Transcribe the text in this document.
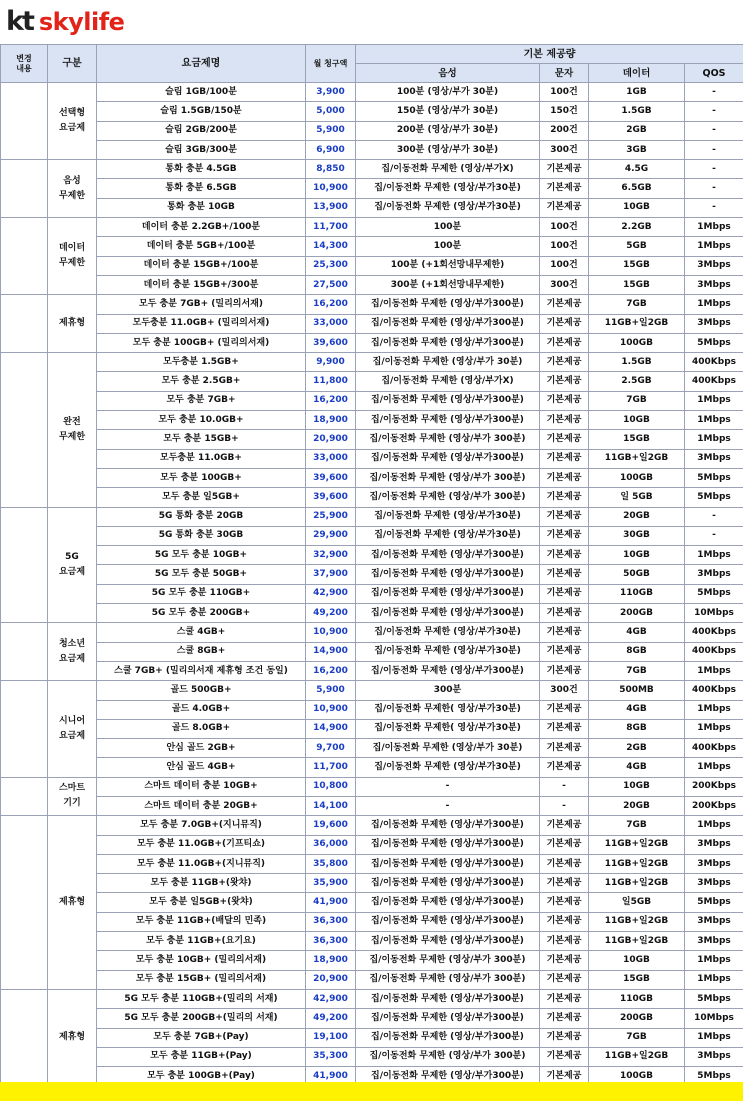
kt skylife
변경
내용	구분	요금제명	월 청구액	기본 제공량			
				음성	문자	데이터	QOS
	선택형
요금제	슬림 1GB/100분	3,900	100분 (영상/부가 30분)	100건	1GB	-
		슬림 1.5GB/150분	5,000	150분 (영상/부가 30분)	150건	1.5GB	-
		슬림 2GB/200분	5,900	200분 (영상/부가 30분)	200건	2GB	-
		슬림 3GB/300분	6,900	300분 (영상/부가 30분)	300건	3GB	-
	음성
무제한	통화 충분 4.5GB	8,850	집/이동전화 무제한 (영상/부가X)	기본제공	4.5G	-
		통화 충분 6.5GB	10,900	집/이동전화 무제한 (영상/부가30분)	기본제공	6.5GB	-
		통화 충분 10GB	13,900	집/이동전화 무제한 (영상/부가30분)	기본제공	10GB	-
	데이터
무제한	데이터 충분 2.2GB+/100분	11,700	100분	100건	2.2GB	1Mbps
		데이터 충분 5GB+/100분	14,300	100분	100건	5GB	1Mbps
		데이터 충분 15GB+/100분	25,300	100분 (+1회선망내무제한)	100건	15GB	3Mbps
		데이터 충분 15GB+/300분	27,500	300분 (+1회선망내무제한)	300건	15GB	3Mbps
	제휴형	모두 충분 7GB+ (밀리의서재)	16,200	집/이동전화 무제한 (영상/부가300분)	기본제공	7GB	1Mbps
		모두충분 11.0GB+ (밀리의서재)	33,000	집/이동전화 무제한 (영상/부가300분)	기본제공	11GB+일2GB	3Mbps
		모두 충분 100GB+ (밀리의서재)	39,600	집/이동전화 무제한 (영상/부가300분)	기본제공	100GB	5Mbps
	완전
무제한	모두충분 1.5GB+	9,900	집/이동전화 무제한 (영상/부가 30분)	기본제공	1.5GB	400Kbps
		모두 충분 2.5GB+	11,800	집/이동전화 무제한 (영상/부가X)	기본제공	2.5GB	400Kbps
		모두 충분 7GB+	16,200	집/이동전화 무제한 (영상/부가300분)	기본제공	7GB	1Mbps
		모두 충분 10.0GB+	18,900	집/이동전화 무제한 (영상/부가300분)	기본제공	10GB	1Mbps
		모두 충분 15GB+	20,900	집/이동전화 무제한 (영상/부가 300분)	기본제공	15GB	1Mbps
		모두충분 11.0GB+	33,000	집/이동전화 무제한 (영상/부가300분)	기본제공	11GB+일2GB	3Mbps
		모두 충분 100GB+	39,600	집/이동전화 무제한 (영상/부가 300분)	기본제공	100GB	5Mbps
		모두 충분 일5GB+	39,600	집/이동전화 무제한 (영상/부가 300분)	기본제공	일 5GB	5Mbps
	5G
요금제	5G 통화 충분 20GB	25,900	집/이동전화 무제한 (영상/부가30분)	기본제공	20GB	-
		5G 통화 충분 30GB	29,900	집/이동전화 무제한 (영상/부가30분)	기본제공	30GB	-
		5G 모두 충분 10GB+	32,900	집/이동전화 무제한 (영상/부가300분)	기본제공	10GB	1Mbps
		5G 모두 충분 50GB+	37,900	집/이동전화 무제한 (영상/부가300분)	기본제공	50GB	3Mbps
		5G 모두 충분 110GB+	42,900	집/이동전화 무제한 (영상/부가300분)	기본제공	110GB	5Mbps
		5G 모두 충분 200GB+	49,200	집/이동전화 무제한 (영상/부가300분)	기본제공	200GB	10Mbps
	청소년
요금제	스쿨 4GB+	10,900	집/이동전화 무제한 (영상/부가30분)	기본제공	4GB	400Kbps
		스쿨 8GB+	14,900	집/이동전화 무제한 (영상/부가30분)	기본제공	8GB	400Kbps
		스쿨 7GB+ (밀리의서재 제휴형 조건 동일)	16,200	집/이동전화 무제한 (영상/부가300분)	기본제공	7GB	1Mbps
	시니어
요금제	골드 500GB+	5,900	300분	300건	500MB	400Kbps
		골드 4.0GB+	10,900	집/이동전화 무제한( 영상/부가30분)	기본제공	4GB	1Mbps
		골드 8.0GB+	14,900	집/이동전화 무제한( 영상/부가30분)	기본제공	8GB	1Mbps
		안심 골드 2GB+	9,700	집/이동전화 무제한 (영상/부가 30분)	기본제공	2GB	400Kbps
		안심 골드 4GB+	11,700	집/이동전화 무제한 (영상/부가30분)	기본제공	4GB	1Mbps
	스마트
기기	스마트 데이터 충분 10GB+	10,800	-	-	10GB	200Kbps
		스마트 데이터 충분 20GB+	14,100	-	-	20GB	200Kbps
	제휴형	모두 충분 7.0GB+(지니뮤직)	19,600	집/이동전화 무제한 (영상/부가300분)	기본제공	7GB	1Mbps
		모두 충분 11.0GB+(기프티쇼)	36,000	집/이동전화 무제한 (영상/부가300분)	기본제공	11GB+일2GB	3Mbps
		모두 충분 11.0GB+(지니뮤직)	35,800	집/이동전화 무제한 (영상/부가300분)	기본제공	11GB+일2GB	3Mbps
		모두 충분 11GB+(왓챠)	35,900	집/이동전화 무제한 (영상/부가300분)	기본제공	11GB+일2GB	3Mbps
		모두 충분 일5GB+(왓챠)	41,900	집/이동전화 무제한 (영상/부가300분)	기본제공	일5GB	5Mbps
		모두 충분 11GB+(배달의 민족)	36,300	집/이동전화 무제한 (영상/부가300분)	기본제공	11GB+일2GB	3Mbps
		모두 충분 11GB+(요기요)	36,300	집/이동전화 무제한 (영상/부가300분)	기본제공	11GB+일2GB	3Mbps
		모두 충분 10GB+ (밀리의서재)	18,900	집/이동전화 무제한 (영상/부가 300분)	기본제공	10GB	1Mbps
		모두 충분 15GB+ (밀리의서재)	20,900	집/이동전화 무제한 (영상/부가 300분)	기본제공	15GB	1Mbps
	제휴형	5G 모두 충분 110GB+(밀리의 서재)	42,900	집/이동전화 무제한 (영상/부가300분)	기본제공	110GB	5Mbps
		5G 모두 충분 200GB+(밀리의 서재)	49,200	집/이동전화 무제한 (영상/부가300분)	기본제공	200GB	10Mbps
		모두 충분 7GB+(Pay)	19,100	집/이동전화 무제한 (영상/부가300분)	기본제공	7GB	1Mbps
		모두 충분 11GB+(Pay)	35,300	집/이동전화 무제한 (영상/부가 300분)	기본제공	11GB+일2GB	3Mbps
		모두 충분 100GB+(Pay)	41,900	집/이동전화 무제한 (영상/부가300분)	기본제공	100GB	5Mbps
